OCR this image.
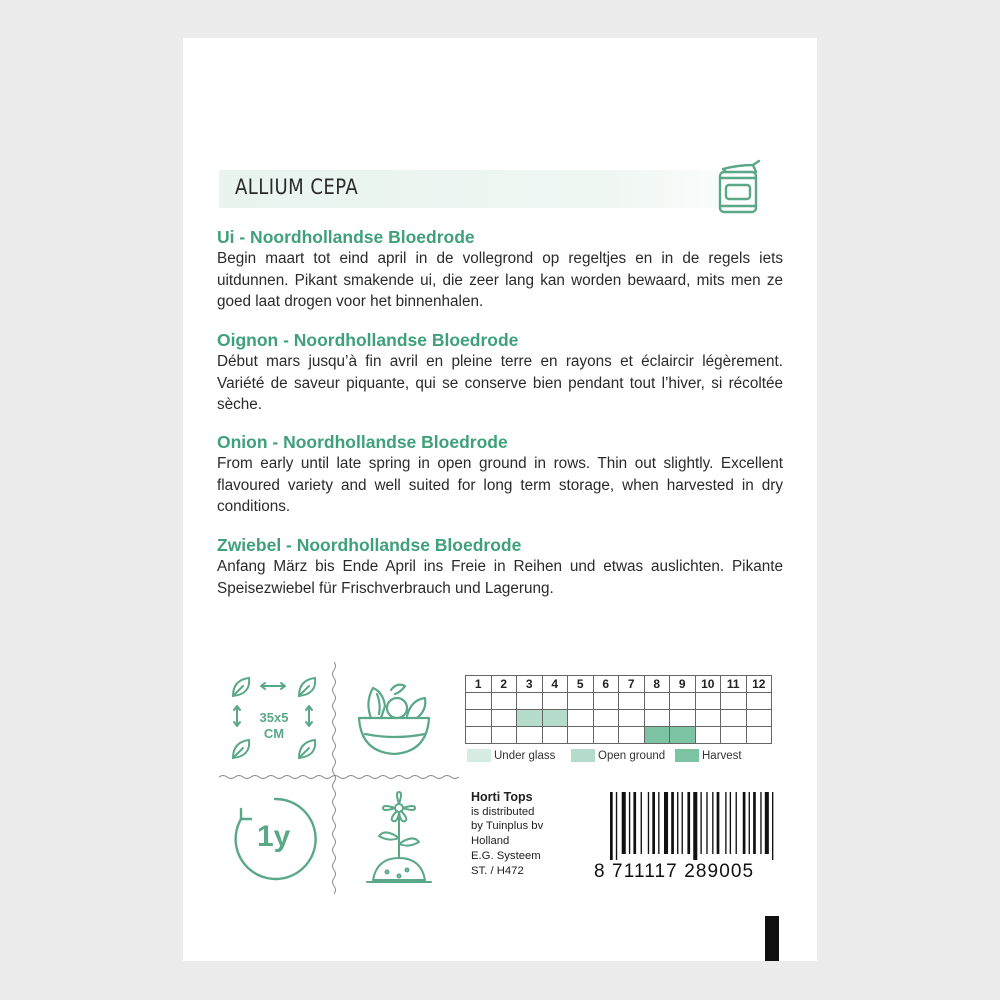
ALLIUM CEPA
Ui - Noordhollandse Bloedrode
Begin maart tot eind april in de vollegrond op regeltjes en in de regels iets uitdunnen. Pikant smakende ui, die zeer lang kan worden bewaard, mits men ze goed laat drogen voor het binnenhalen.
Oignon - Noordhollandse Bloedrode
Début mars jusqu’à fin avril en pleine terre en rayons et éclaircir légèrement. Variété de saveur piquante, qui se conserve bien pendant tout l’hiver, si récoltée sèche.
Onion - Noordhollandse Bloedrode
From early until late spring in open ground in rows. Thin out slightly. Excellent flavoured variety and well suited for long term storage, when harvested in dry conditions.
Zwiebel - Noordhollandse Bloedrode
Anfang März bis Ende April ins Freie in Reihen und etwas auslichten. Pikante Speisezwiebel für Frischverbrauch und Lagerung.
35x5
CM
1y
1	2	3	4	5	6	7	8	9	10	11	12

Under glass	Open ground	Harvest
Horti Tops
is distributed
by Tuinplus bv
Holland
E.G. Systeem
ST. / H472	8 711117 289005
